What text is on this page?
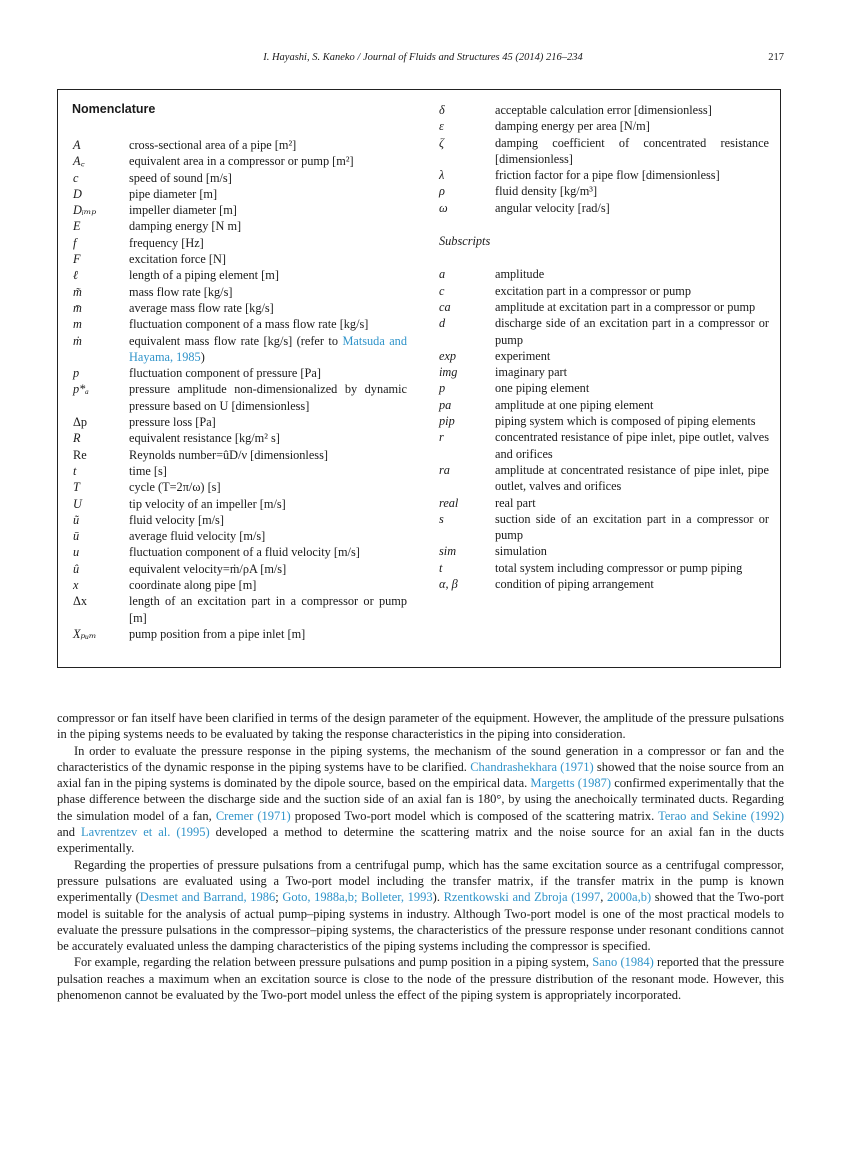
I. Hayashi, S. Kaneko / Journal of Fluids and Structures 45 (2014) 216–234	217
Nomenclature
A	cross-sectional area of a pipe [m²]
A꜀	equivalent area in a compressor or pump [m²]
c	speed of sound [m/s]
D	pipe diameter [m]
Dᵢₘₚ	impeller diameter [m]
E	damping energy [N m]
f	frequency [Hz]
F	excitation force [N]
ℓ	length of a piping element [m]
m̃	mass flow rate [kg/s]
m̄	average mass flow rate [kg/s]
m	fluctuation component of a mass flow rate [kg/s]
ṁ	equivalent mass flow rate [kg/s] (refer to Matsuda and Hayama, 1985)
p	fluctuation component of pressure [Pa]
p*ₐ	pressure amplitude non-dimensionalized by dynamic pressure based on U [dimensionless]
Δp	pressure loss [Pa]
R	equivalent resistance [kg/m² s]
Re	Reynolds number=ûD/ν [dimensionless]
t	time [s]
T	cycle (T=2π/ω) [s]
U	tip velocity of an impeller [m/s]
ũ	fluid velocity [m/s]
ū	average fluid velocity [m/s]
u	fluctuation component of a fluid velocity [m/s]
û	equivalent velocity=ṁ/ρA [m/s]
x	coordinate along pipe [m]
Δx	length of an excitation part in a compressor or pump [m]
Xₚᵤₘ	pump position from a pipe inlet [m]
δ	acceptable calculation error [dimensionless]
ε	damping energy per area [N/m]
ζ	damping coefficient of concentrated resistance [dimensionless]
λ	friction factor for a pipe flow [dimensionless]
ρ	fluid density [kg/m³]
ω	angular velocity [rad/s]
Subscripts
a	amplitude
c	excitation part in a compressor or pump
ca	amplitude at excitation part in a compressor or pump
d	discharge side of an excitation part in a compressor or pump
exp	experiment
img	imaginary part
p	one piping element
pa	amplitude at one piping element
pip	piping system which is composed of piping elements
r	concentrated resistance of pipe inlet, pipe outlet, valves and orifices
ra	amplitude at concentrated resistance of pipe inlet, pipe outlet, valves and orifices
real	real part
s	suction side of an excitation part in a compressor or pump
sim	simulation
t	total system including compressor or pump piping
α, β	condition of piping arrangement

compressor or fan itself have been clarified in terms of the design parameter of the equipment. However, the amplitude of the pressure pulsations in the piping systems needs to be evaluated by taking the response characteristics in the piping into consideration.

In order to evaluate the pressure response in the piping systems, the mechanism of the sound generation in a compressor or fan and the characteristics of the dynamic response in the piping systems have to be clarified. Chandrashekhara (1971) showed that the noise source from an axial fan in the piping systems is dominated by the dipole source, based on the empirical data. Margetts (1987) confirmed experimentally that the phase difference between the discharge side and the suction side of an axial fan is 180°, by using the anechoically terminated ducts. Regarding the simulation model of a fan, Cremer (1971) proposed Two-port model which is composed of the scattering matrix. Terao and Sekine (1992) and Lavrentzev et al. (1995) developed a method to determine the scattering matrix and the noise source for an axial fan in the ducts experimentally.

Regarding the properties of pressure pulsations from a centrifugal pump, which has the same excitation source as a centrifugal compressor, pressure pulsations are evaluated using a Two-port model including the transfer matrix, if the transfer matrix in the pump is known experimentally (Desmet and Barrand, 1986; Goto, 1988a,b; Bolleter, 1993). Rzentkowski and Zbroja (1997, 2000a,b) showed that the Two-port model is suitable for the analysis of actual pump–piping systems in industry. Although Two-port model is one of the most practical models to evaluate the pressure pulsations in the compressor–piping systems, the characteristics of the pressure response under resonant conditions cannot be accurately evaluated unless the damping characteristics of the piping systems including the compressor is specified.

For example, regarding the relation between pressure pulsations and pump position in a piping system, Sano (1984) reported that the pressure pulsation reaches a maximum when an excitation source is close to the node of the pressure distribution of the resonant mode. However, this phenomenon cannot be evaluated by the Two-port model unless the effect of the piping system is appropriately incorporated.
